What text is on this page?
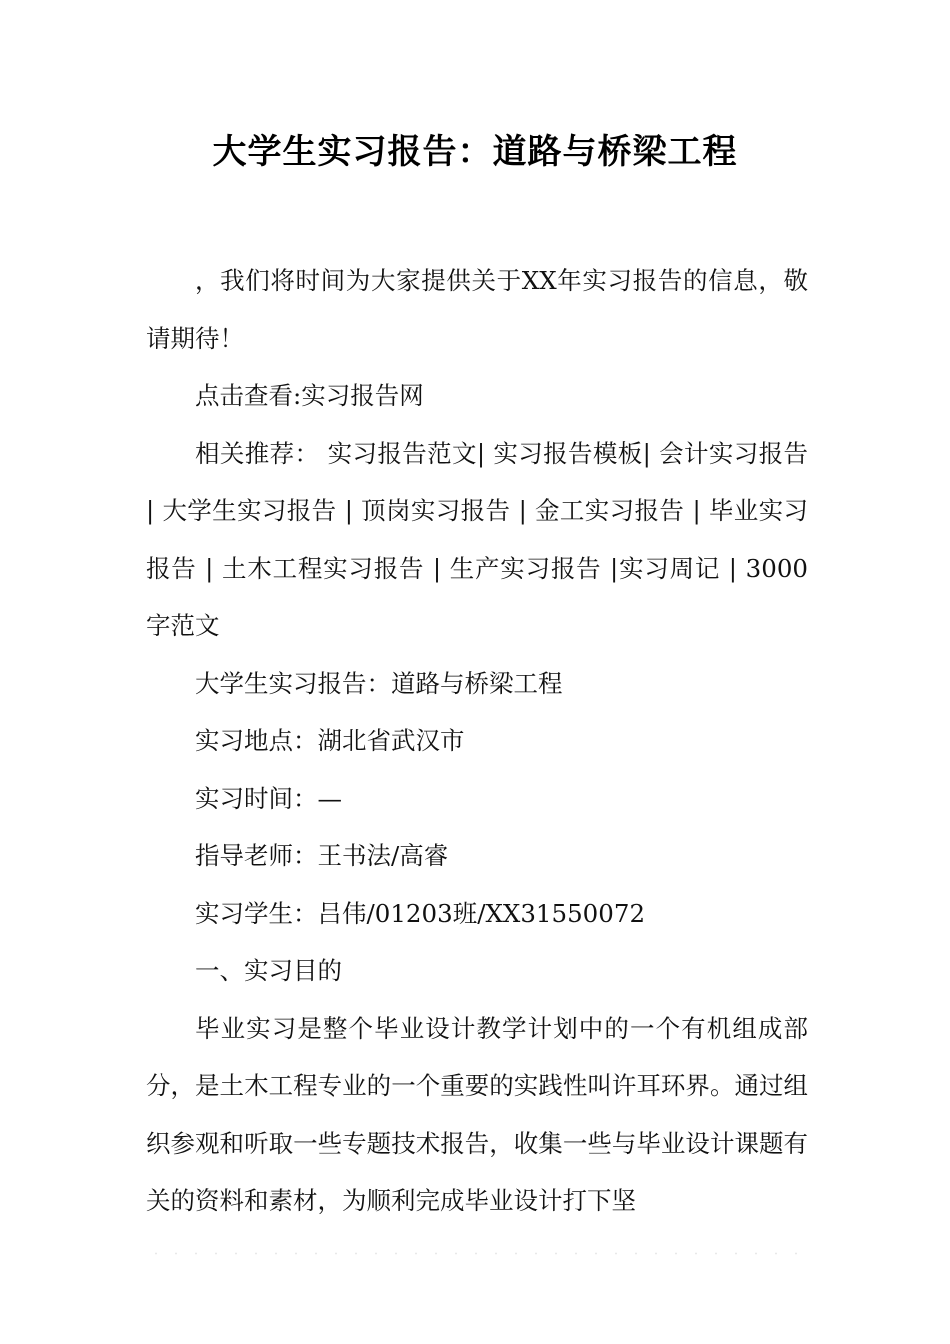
大学生实习报告：道路与桥梁工程

，我们将时间为大家提供关于XX年实习报告的信息，敬请期待！

点击查看:实习报告网

相关推荐： 实习报告范文| 实习报告模板| 会计实习报告 | 大学生实习报告 | 顶岗实习报告 | 金工实习报告 | 毕业实习报告 | 土木工程实习报告 | 生产实习报告 |实习周记 | 3000字范文

大学生实习报告：道路与桥梁工程

实习地点：湖北省武汉市

实习时间：—

指导老师：王书法/高睿

实习学生：吕伟/01203班/XX31550072

一、实习目的

毕业实习是整个毕业设计教学计划中的一个有机组成部分，是土木工程专业的一个重要的实践性叫许耳环界。通过组织参观和听取一些专题技术报告，收集一些与毕业设计课题有关的资料和素材，为顺利完成毕业设计打下坚
